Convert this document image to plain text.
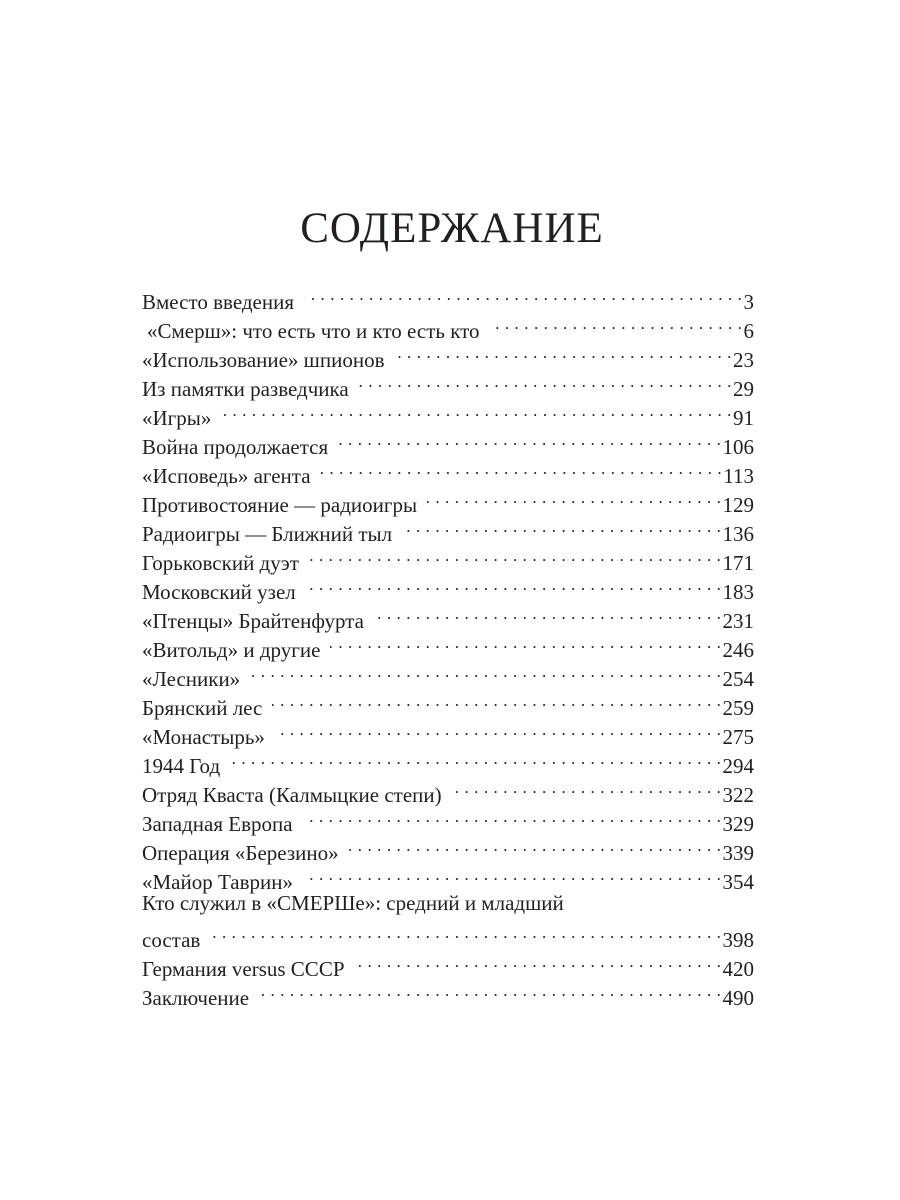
СОДЕРЖАНИЕ
Вместо введения . . .	3
«Смерш»: что есть что и кто есть кто . . .	6
«Использование» шпионов . . .	23
Из памятки разведчика . . .	29
«Игры» . . .	91
Война продолжается . . .	106
«Исповедь» агента . . .	113
Противостояние — радиоигры . . .	129
Радиоигры — Ближний тыл . . .	136
Горьковский дуэт . . .	171
Московский узел . . .	183
«Птенцы» Брайтенфурта . . .	231
«Витольд» и другие . . .	246
«Лесники» . . .	254
Брянский лес . . .	259
«Монастырь» . . .	275
1944 Год . . .	294
Отряд Кваста (Калмыцкие степи) . . .	322
Западная Европа . . .	329
Операция «Березино» . . .	339
«Майор Таврин» . . .	354
Кто служил в «СМЕРШе»: средний и младший
состав . . .	398
Германия versus СССР . . .	420
Заключение . . .	490
